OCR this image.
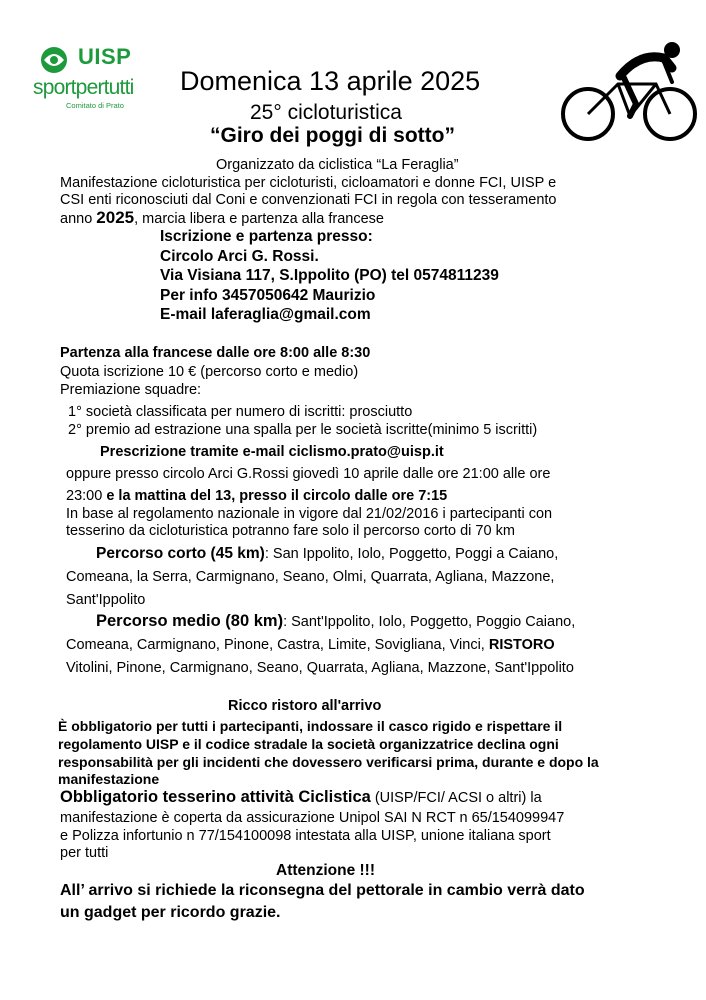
UISP
sportpertutti
Comitato di Prato
Domenica 13 aprile 2025
25° cicloturistica
“Giro dei poggi di sotto”
Organizzato da ciclistica “La Feraglia”
Manifestazione cicloturistica per cicloturisti, cicloamatori e donne FCI, UISP e
CSI enti riconosciuti dal Coni e convenzionati FCI in regola con tesseramento
anno 2025, marcia libera e partenza alla francese
Iscrizione e partenza presso:
Circolo Arci G. Rossi.
Via Visiana 117, S.Ippolito (PO) tel 0574811239
Per info 3457050642 Maurizio
E-mail laferaglia@gmail.com
Partenza alla francese dalle ore 8:00 alle 8:30
Quota iscrizione 10 € (percorso corto e medio)
Premiazione squadre:
1° società classificata per numero di iscritti: prosciutto
2° premio ad estrazione una spalla per le società iscritte(minimo 5 iscritti)
Prescrizione tramite e-mail ciclismo.prato@uisp.it
oppure presso circolo Arci G.Rossi giovedì 10 aprile dalle ore 21:00 alle ore
23:00 e la mattina del 13, presso il circolo dalle ore 7:15
In base al regolamento nazionale in vigore dal 21/02/2016 i partecipanti con
tesserino da cicloturistica potranno fare solo il percorso corto di 70 km
Percorso corto (45 km): San Ippolito, Iolo, Poggetto, Poggi a Caiano,
Comeana, la Serra, Carmignano, Seano, Olmi, Quarrata, Agliana, Mazzone,
Sant'Ippolito
Percorso medio (80 km): Sant'Ippolito, Iolo, Poggetto, Poggio Caiano,
Comeana, Carmignano, Pinone, Castra, Limite, Sovigliana, Vinci, RISTORO
Vitolini, Pinone, Carmignano, Seano, Quarrata, Agliana, Mazzone, Sant'Ippolito
Ricco ristoro all'arrivo
È obbligatorio per tutti i partecipanti, indossare il casco rigido e rispettare il
regolamento UISP e il codice stradale la società organizzatrice declina ogni
responsabilità per gli incidenti che dovessero verificarsi prima, durante e dopo la
manifestazione
Obbligatorio tesserino attività Ciclistica (UISP/FCI/ ACSI o altri) la
manifestazione è coperta da assicurazione Unipol SAI N RCT n 65/154099947
e Polizza infortunio n 77/154100098 intestata alla UISP, unione italiana sport
per tutti
Attenzione !!!
All’ arrivo si richiede la riconsegna del pettorale in cambio verrà dato
un gadget per ricordo grazie.
